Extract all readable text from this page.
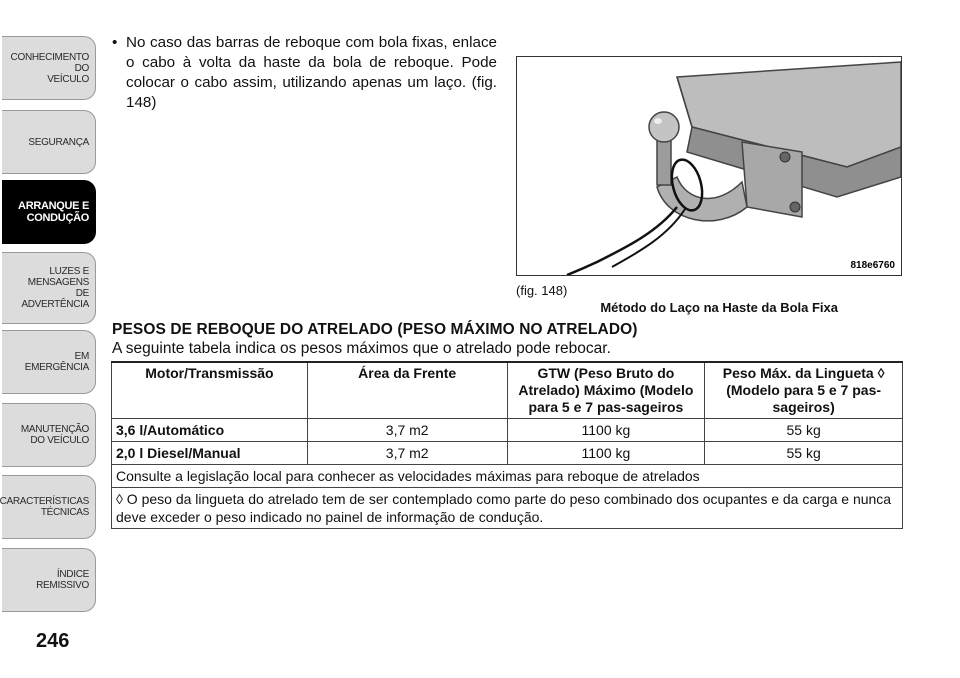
CONHECIMENTO
DO
VEÍCULO
SEGURANÇA
ARRANQUE E
CONDUÇÃO
LUZES E
MENSAGENS
DE
ADVERTÊNCIA
EM
EMERGÊNCIA
MANUTENÇÃO
DO VEÍCULO
CARACTERÍSTICAS
TÉCNICAS
ÍNDICE
REMISSIVO
246
• No caso das barras de reboque com bola fixas, enlace o cabo à volta da haste da bola de reboque. Pode colocar o cabo assim, utilizando apenas um laço. (fig. 148)

818e6760
(fig. 148)
Método do Laço na Haste da Bola Fixa
PESOS DE REBOQUE DO ATRELADO (PESO MÁXIMO NO ATRELADO)
A seguinte tabela indica os pesos máximos que o atrelado pode rebocar.
Motor/Transmissão	Área da Frente	GTW (Peso Bruto do Atrelado) Máximo (Modelo para 5 e 7 pas-sageiros	Peso Máx. da Lingueta ◊ (Modelo para 5 e 7 pas-sageiros)
3,6 l/Automático	3,7 m2	1100 kg	55 kg
2,0 l Diesel/Manual	3,7 m2	1100 kg	55 kg
Consulte a legislação local para conhecer as velocidades máximas para reboque de atrelados			
◊ O peso da lingueta do atrelado tem de ser contemplado como parte do peso combinado dos ocupantes e da carga e nunca deve exceder o peso indicado no painel de informação de condução.			
